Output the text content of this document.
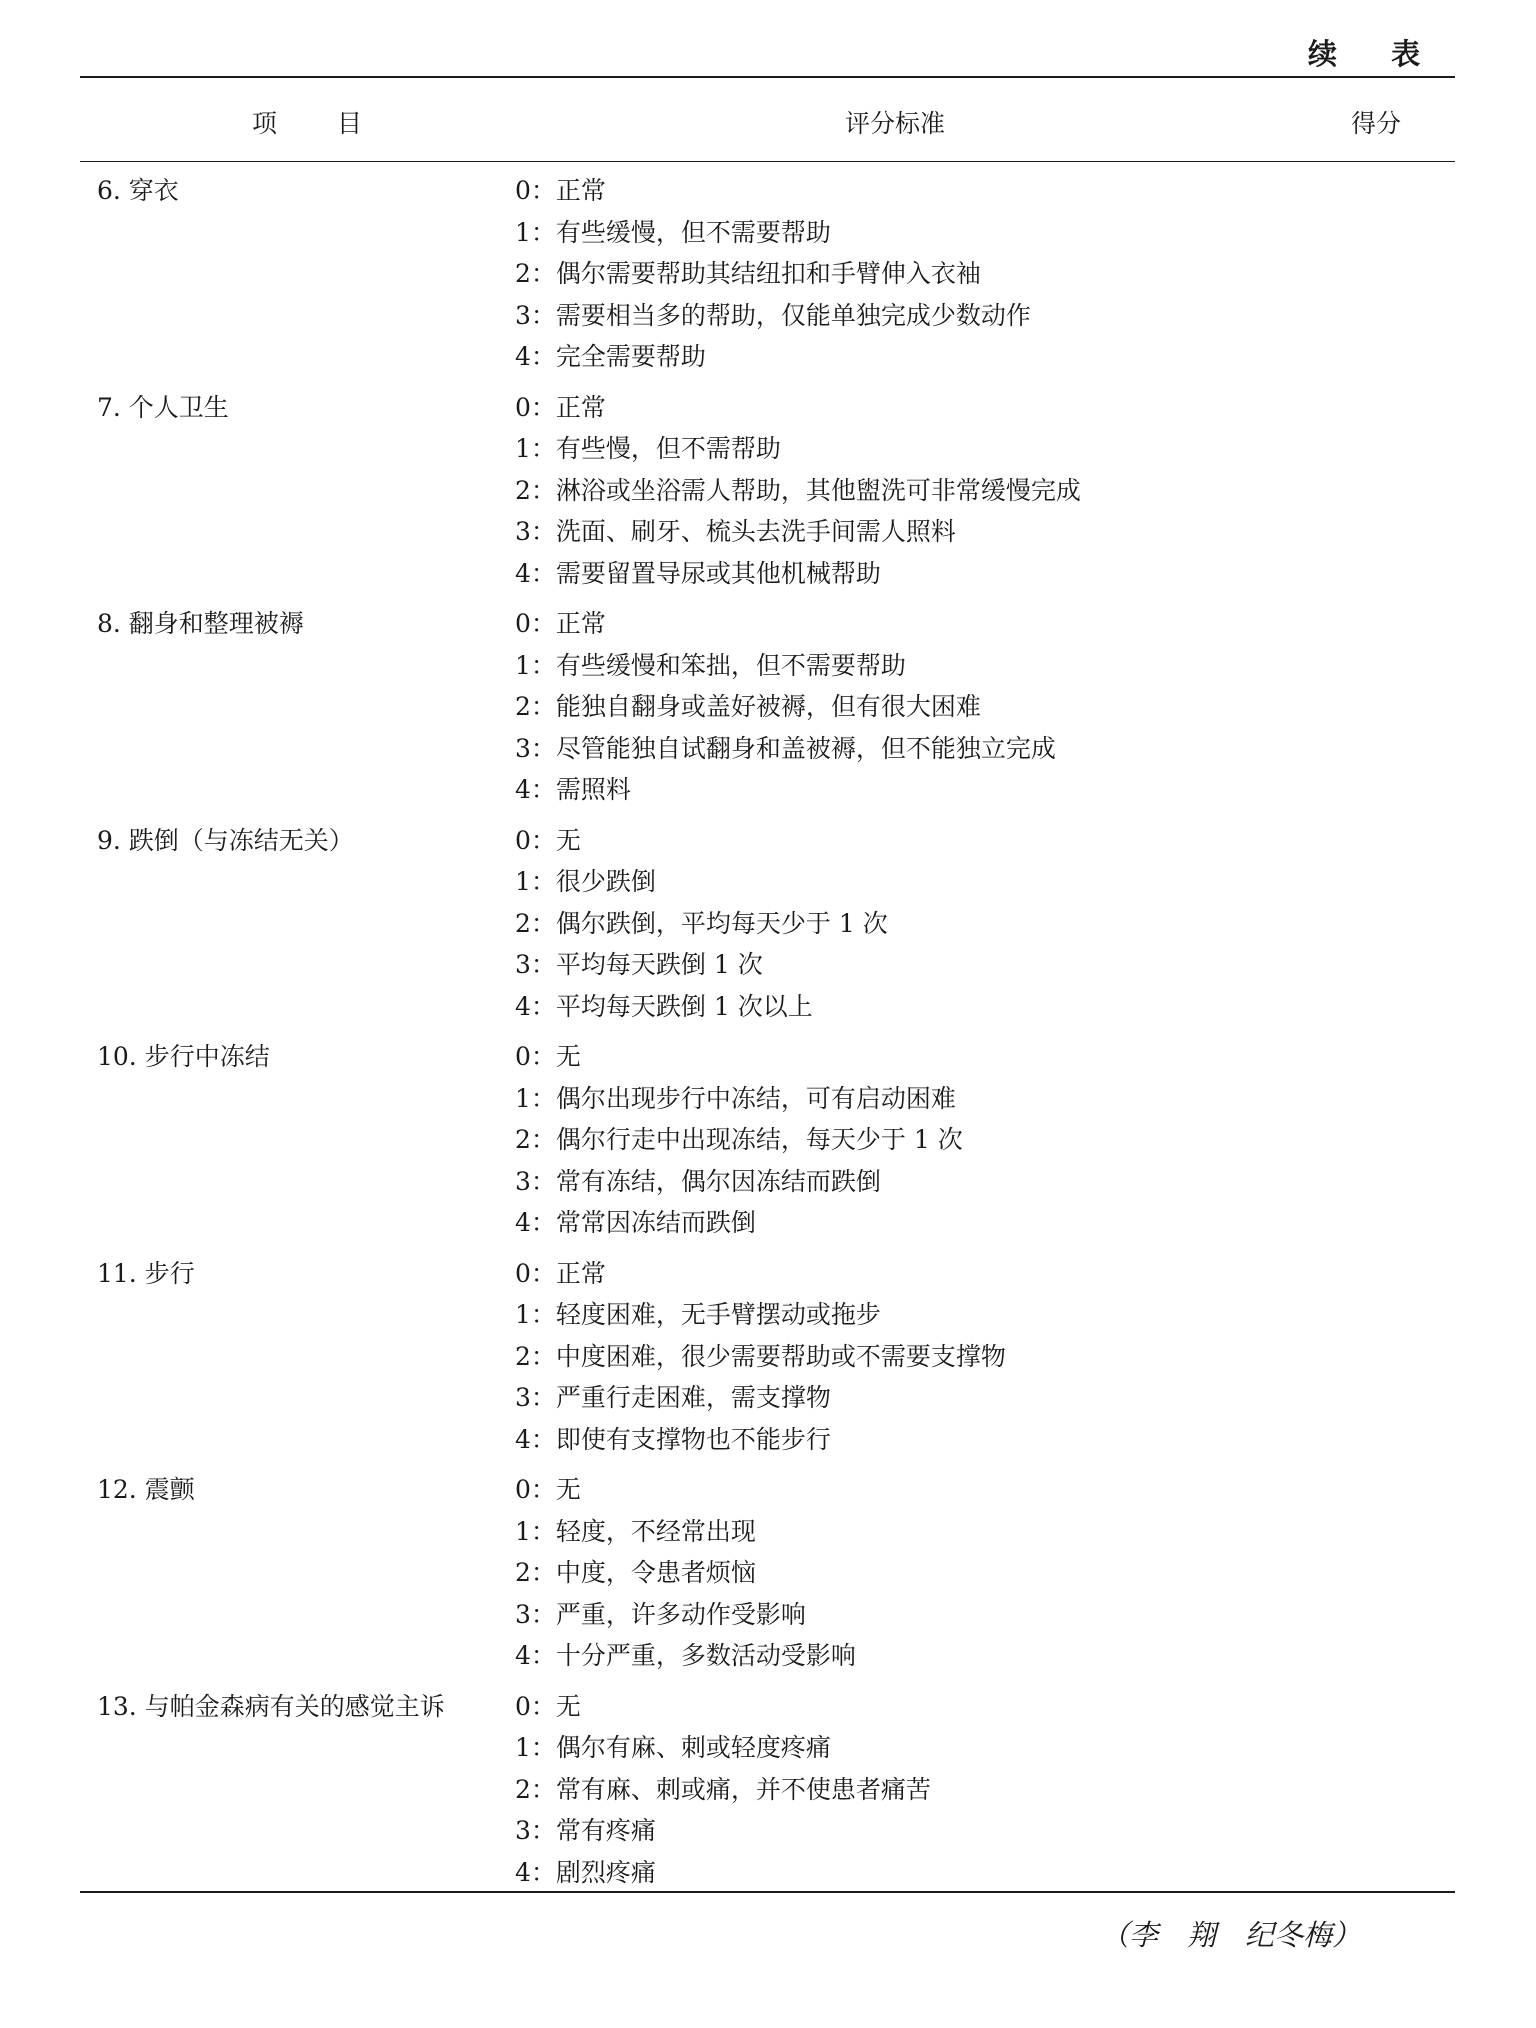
续 表
项 目	评分标准	得分
6. 穿衣	0：正常
1：有些缓慢，但不需要帮助
2：偶尔需要帮助其结纽扣和手臂伸入衣袖
3：需要相当多的帮助，仅能单独完成少数动作
4：完全需要帮助
7. 个人卫生	0：正常
1：有些慢，但不需帮助
2：淋浴或坐浴需人帮助，其他盥洗可非常缓慢完成
3：洗面、刷牙、梳头去洗手间需人照料
4：需要留置导尿或其他机械帮助
8. 翻身和整理被褥	0：正常
1：有些缓慢和笨拙，但不需要帮助
2：能独自翻身或盖好被褥，但有很大困难
3：尽管能独自试翻身和盖被褥，但不能独立完成
4：需照料
9. 跌倒（与冻结无关）	0：无
1：很少跌倒
2：偶尔跌倒，平均每天少于 1 次
3：平均每天跌倒 1 次
4：平均每天跌倒 1 次以上
10. 步行中冻结	0：无
1：偶尔出现步行中冻结，可有启动困难
2：偶尔行走中出现冻结，每天少于 1 次
3：常有冻结，偶尔因冻结而跌倒
4：常常因冻结而跌倒
11. 步行	0：正常
1：轻度困难，无手臂摆动或拖步
2：中度困难，很少需要帮助或不需要支撑物
3：严重行走困难，需支撑物
4：即使有支撑物也不能步行
12. 震颤	0：无
1：轻度，不经常出现
2：中度，令患者烦恼
3：严重，许多动作受影响
4：十分严重，多数活动受影响
13. 与帕金森病有关的感觉主诉	0：无
1：偶尔有麻、刺或轻度疼痛
2：常有麻、刺或痛，并不使患者痛苦
3：常有疼痛
4：剧烈疼痛
（李　翔　纪冬梅）
